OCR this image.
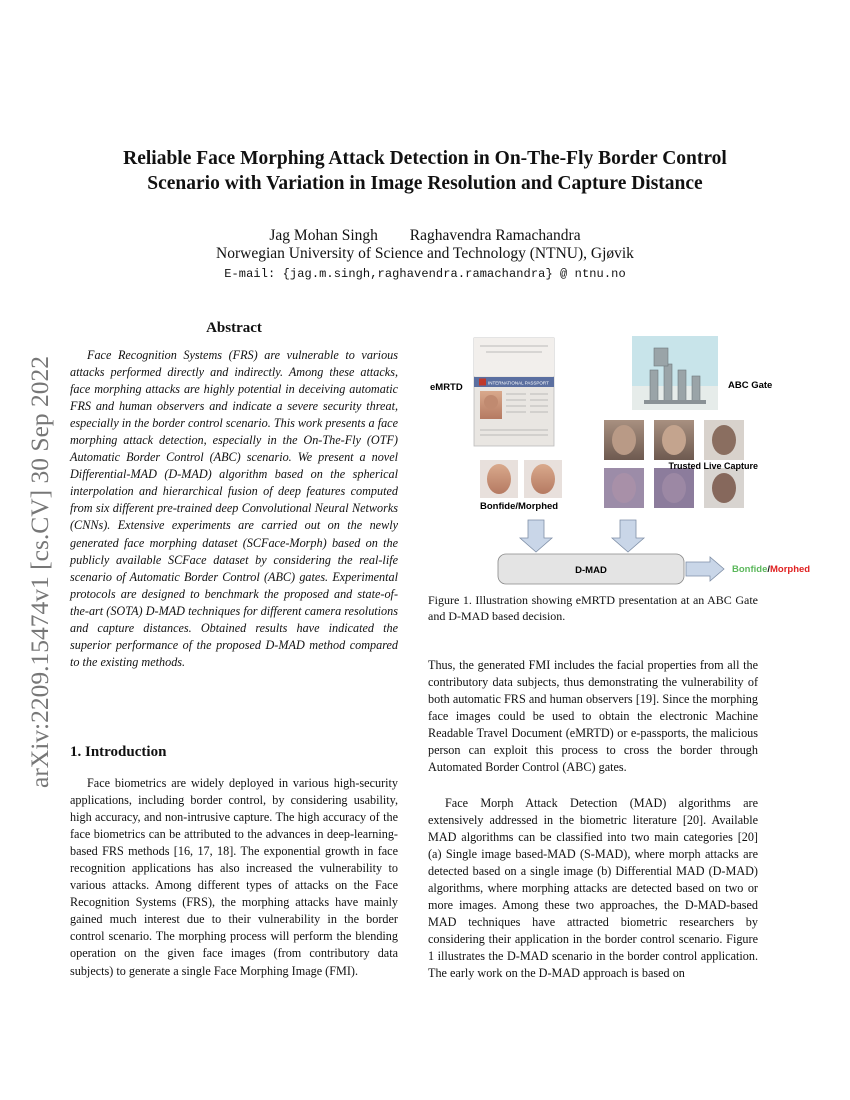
Reliable Face Morphing Attack Detection in On-The-Fly Border Control
Scenario with Variation in Image Resolution and Capture Distance
Jag Mohan Singh Raghavendra Ramachandra
Norwegian University of Science and Technology (NTNU), Gjøvik
E-mail: {jag.m.singh,raghavendra.ramachandra} @ ntnu.no
arXiv:2209.15474v1 [cs.CV] 30 Sep 2022
Abstract
Face Recognition Systems (FRS) are vulnerable to various attacks performed directly and indirectly. Among these attacks, face morphing attacks are highly potential in deceiving automatic FRS and human observers and indicate a severe security threat, especially in the border control scenario. This work presents a face morphing attack detection, especially in the On-The-Fly (OTF) Automatic Border Control (ABC) scenario. We present a novel Differential-MAD (D-MAD) algorithm based on the spherical interpolation and hierarchical fusion of deep features computed from six different pre-trained deep Convolutional Neural Networks (CNNs). Extensive experiments are carried out on the newly generated face morphing dataset (SCFace-Morph) based on the publicly available SCFace dataset by considering the real-life scenario of Automatic Border Control (ABC) gates. Experimental protocols are designed to benchmark the proposed and state-of-the-art (SOTA) D-MAD techniques for different camera resolutions and capture distances. Obtained results have indicated the superior performance of the proposed D-MAD method compared to the existing methods.
1. Introduction
Face biometrics are widely deployed in various high-security applications, including border control, by considering usability, high accuracy, and non-intrusive capture. The high accuracy of the face biometrics can be attributed to the advances in deep-learning-based FRS methods [16, 17, 18]. The exponential growth in face recognition applications has also increased the vulnerability to various attacks. Among different types of attacks on the Face Recognition Systems (FRS), the morphing attacks have mainly gained much interest due to their vulnerability in the border control scenario. The morphing process will perform the blending operation on the given face images (from contributory data subjects) to generate a single Face Morphing Image (FMI).
INTERNATIONAL PASSPORT
eMRTD	ABC Gate
Trusted Live Capture
Bonfide/Morphed
D-MAD	Bonfide/Morphed
Figure 1. Illustration showing eMRTD presentation at an ABC Gate and D-MAD based decision.
Thus, the generated FMI includes the facial properties from all the contributory data subjects, thus demonstrating the vulnerability of both automatic FRS and human observers [19]. Since the morphing face images could be used to obtain the electronic Machine Readable Travel Document (eMRTD) or e-passports, the malicious person can exploit this process to cross the border through Automated Border Control (ABC) gates.
Face Morph Attack Detection (MAD) algorithms are extensively addressed in the biometric literature [20]. Available MAD algorithms can be classified into two main categories [20] (a) Single image based-MAD (S-MAD), where morph attacks are detected based on a single image (b) Differential MAD (D-MAD) algorithms, where morphing attacks are detected based on two or more images. Among these two approaches, the D-MAD-based MAD techniques have attracted biometric researchers by considering their application in the border control scenario. Figure 1 illustrates the D-MAD scenario in the border control application. The early work on the D-MAD approach is based on
